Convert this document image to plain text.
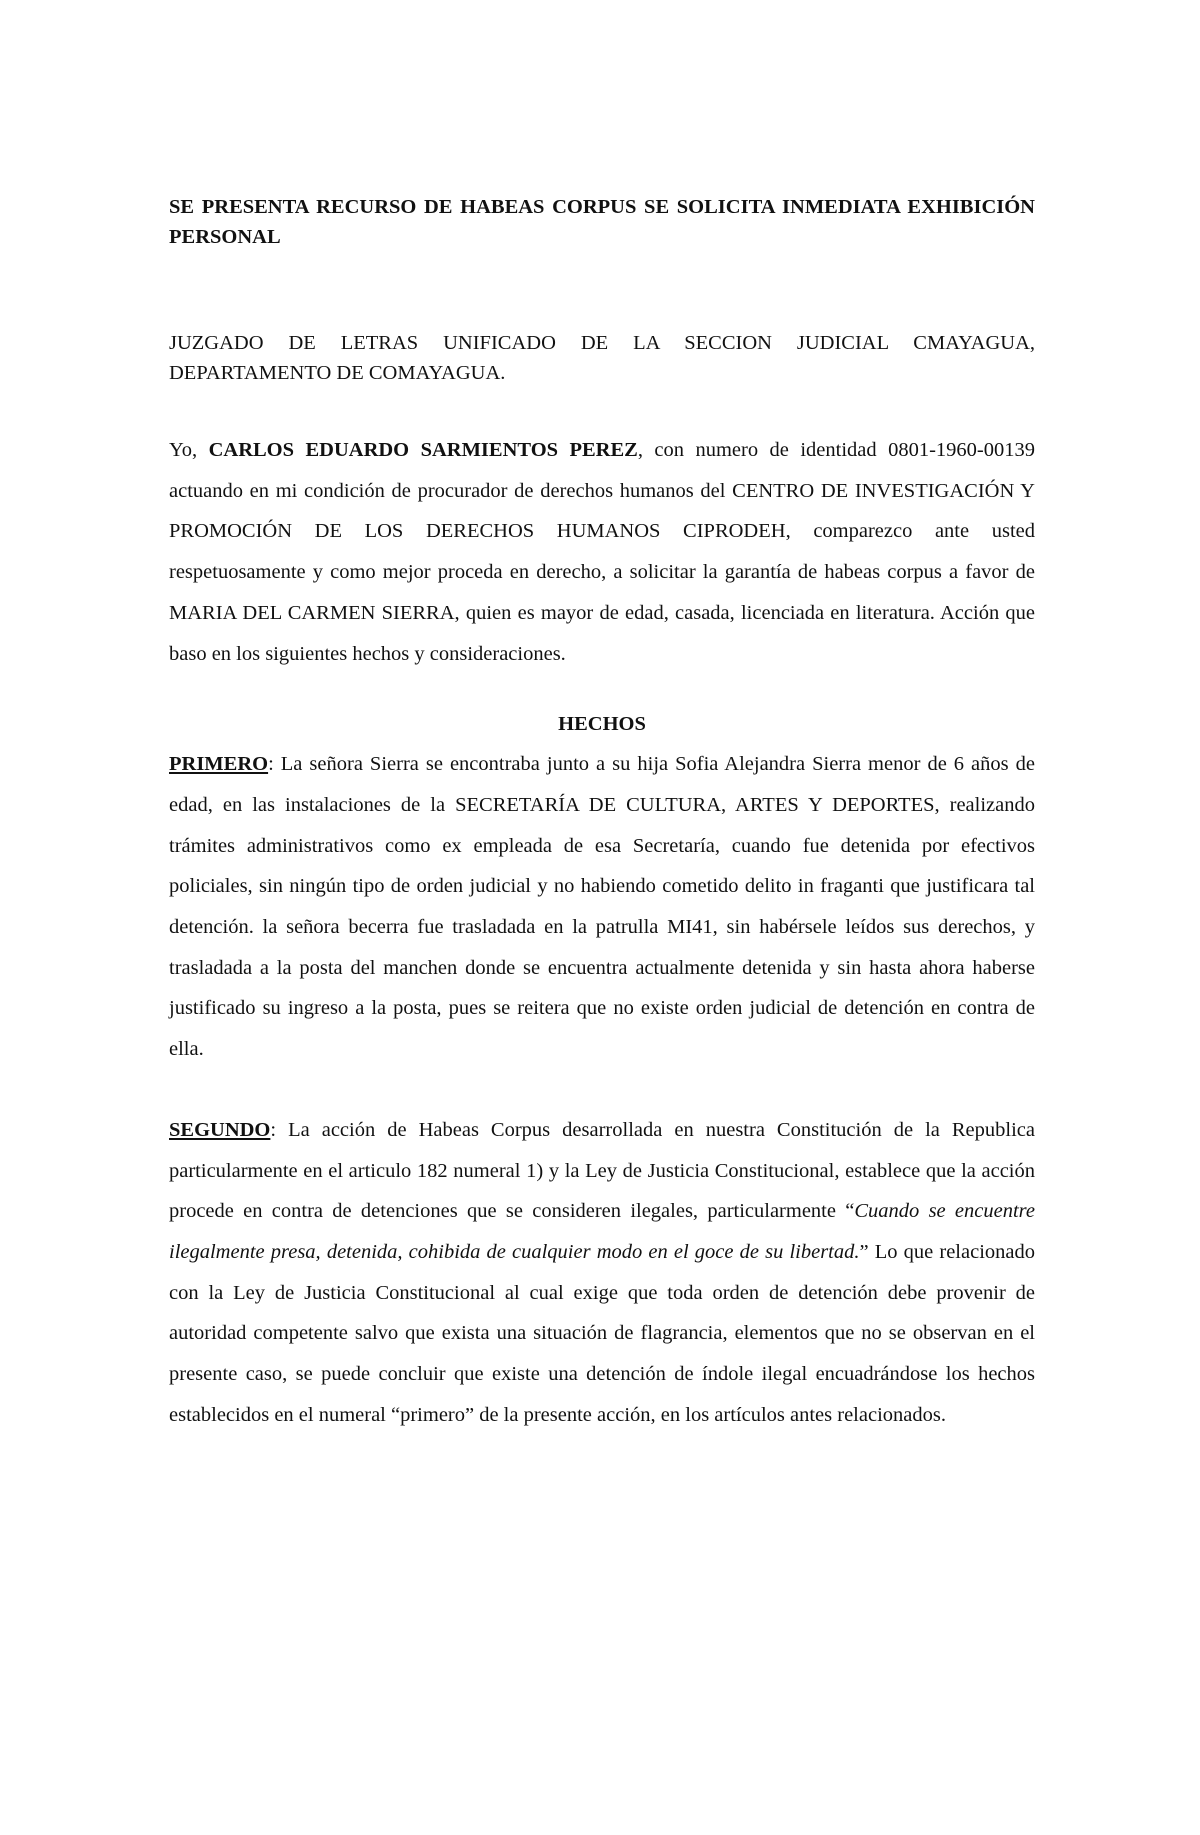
SE PRESENTA RECURSO DE HABEAS CORPUS SE SOLICITA INMEDIATA EXHIBICIÓN PERSONAL

JUZGADO DE LETRAS UNIFICADO DE LA SECCION JUDICIAL CMAYAGUA, DEPARTAMENTO DE COMAYAGUA.

Yo, CARLOS EDUARDO SARMIENTOS PEREZ, con numero de identidad 0801-1960-00139 actuando en mi condición de procurador de derechos humanos del CENTRO DE INVESTIGACIÓN Y PROMOCIÓN DE LOS DERECHOS HUMANOS CIPRODEH, comparezco ante usted respetuosamente y como mejor proceda en derecho, a solicitar la garantía de habeas corpus a favor de MARIA DEL CARMEN SIERRA, quien es mayor de edad, casada, licenciada en literatura. Acción que baso en los siguientes hechos y consideraciones.

HECHOS

PRIMERO: La señora Sierra se encontraba junto a su hija Sofia Alejandra Sierra menor de 6 años de edad, en las instalaciones de la SECRETARÍA DE CULTURA, ARTES Y DEPORTES, realizando trámites administrativos como ex empleada de esa Secretaría, cuando fue detenida por efectivos policiales, sin ningún tipo de orden judicial y no habiendo cometido delito in fraganti que justificara tal detención. la señora becerra fue trasladada en la patrulla MI41, sin habérsele leídos sus derechos, y trasladada a la posta del manchen donde se encuentra actualmente detenida y sin hasta ahora haberse justificado su ingreso a la posta, pues se reitera que no existe orden judicial de detención en contra de ella.

SEGUNDO: La acción de Habeas Corpus desarrollada en nuestra Constitución de la Republica particularmente en el articulo 182 numeral 1) y la Ley de Justicia Constitucional, establece que la acción procede en contra de detenciones que se consideren ilegales, particularmente “Cuando se encuentre ilegalmente presa, detenida, cohibida de cualquier modo en el goce de su libertad.” Lo que relacionado con la Ley de Justicia Constitucional al cual exige que toda orden de detención debe provenir de autoridad competente salvo que exista una situación de flagrancia, elementos que no se observan en el presente caso, se puede concluir que existe una detención de índole ilegal encuadrándose los hechos establecidos en el numeral “primero” de la presente acción, en los artículos antes relacionados.
